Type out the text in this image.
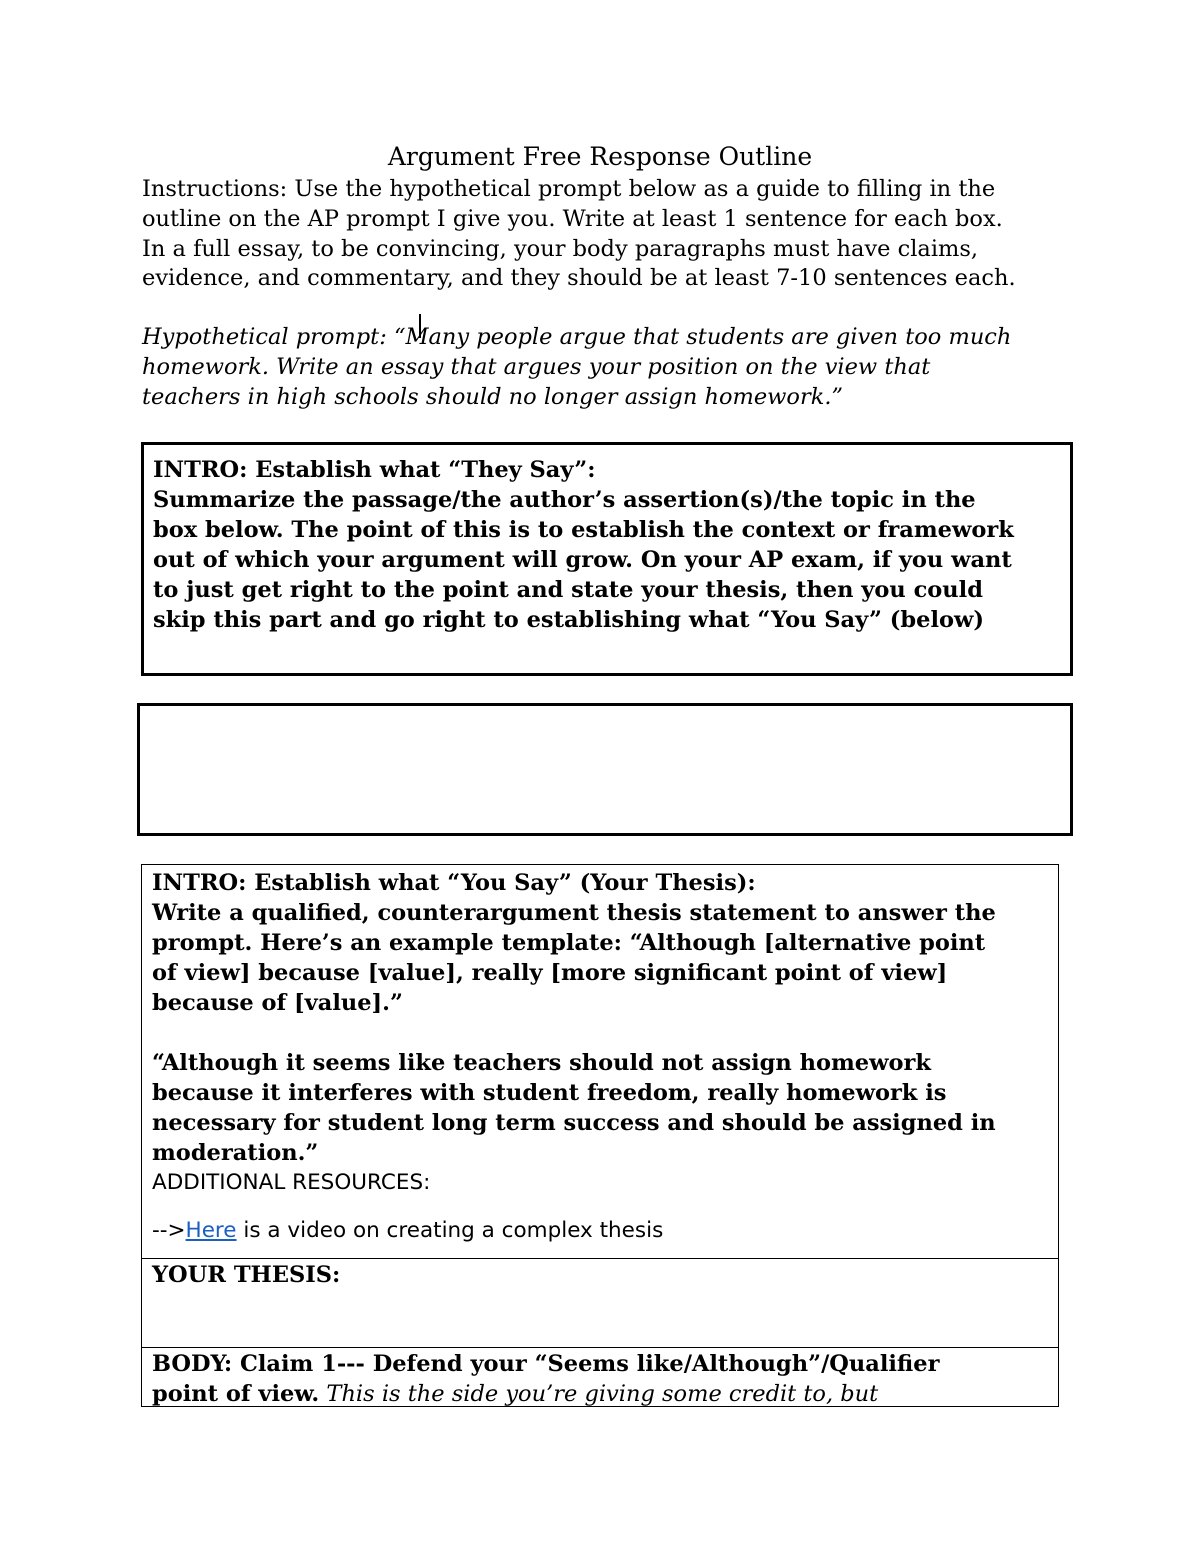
Argument Free Response Outline
Instructions: Use the hypothetical prompt below as a guide to filling in the
outline on the AP prompt I give you. Write at least 1 sentence for each box.
In a full essay, to be convincing, your body paragraphs must have claims,
evidence, and commentary, and they should be at least 7-10 sentences each.
Hypothetical prompt: “Many people argue that students are given too much
homework. Write an essay that argues your position on the view that
teachers in high schools should no longer assign homework.”
INTRO: Establish what “They Say”:
Summarize the passage/the author’s assertion(s)/the topic in the
box below. The point of this is to establish the context or framework
out of which your argument will grow. On your AP exam, if you want
to just get right to the point and state your thesis, then you could
skip this part and go right to establishing what “You Say” (below)
INTRO: Establish what “You Say” (Your Thesis):
Write a qualified, counterargument thesis statement to answer the
prompt. Here’s an example template: “Although [alternative point
of view] because [value], really [more significant point of view]
because of [value].”
“Although it seems like teachers should not assign homework
because it interferes with student freedom, really homework is
necessary for student long term success and should be assigned in
moderation.”
ADDITIONAL RESOURCES:
-->Here is a video on creating a complex thesis
YOUR THESIS:
BODY: Claim 1--- Defend your “Seems like/Although”/Qualifier
point of view. This is the side you’re giving some credit to, but
